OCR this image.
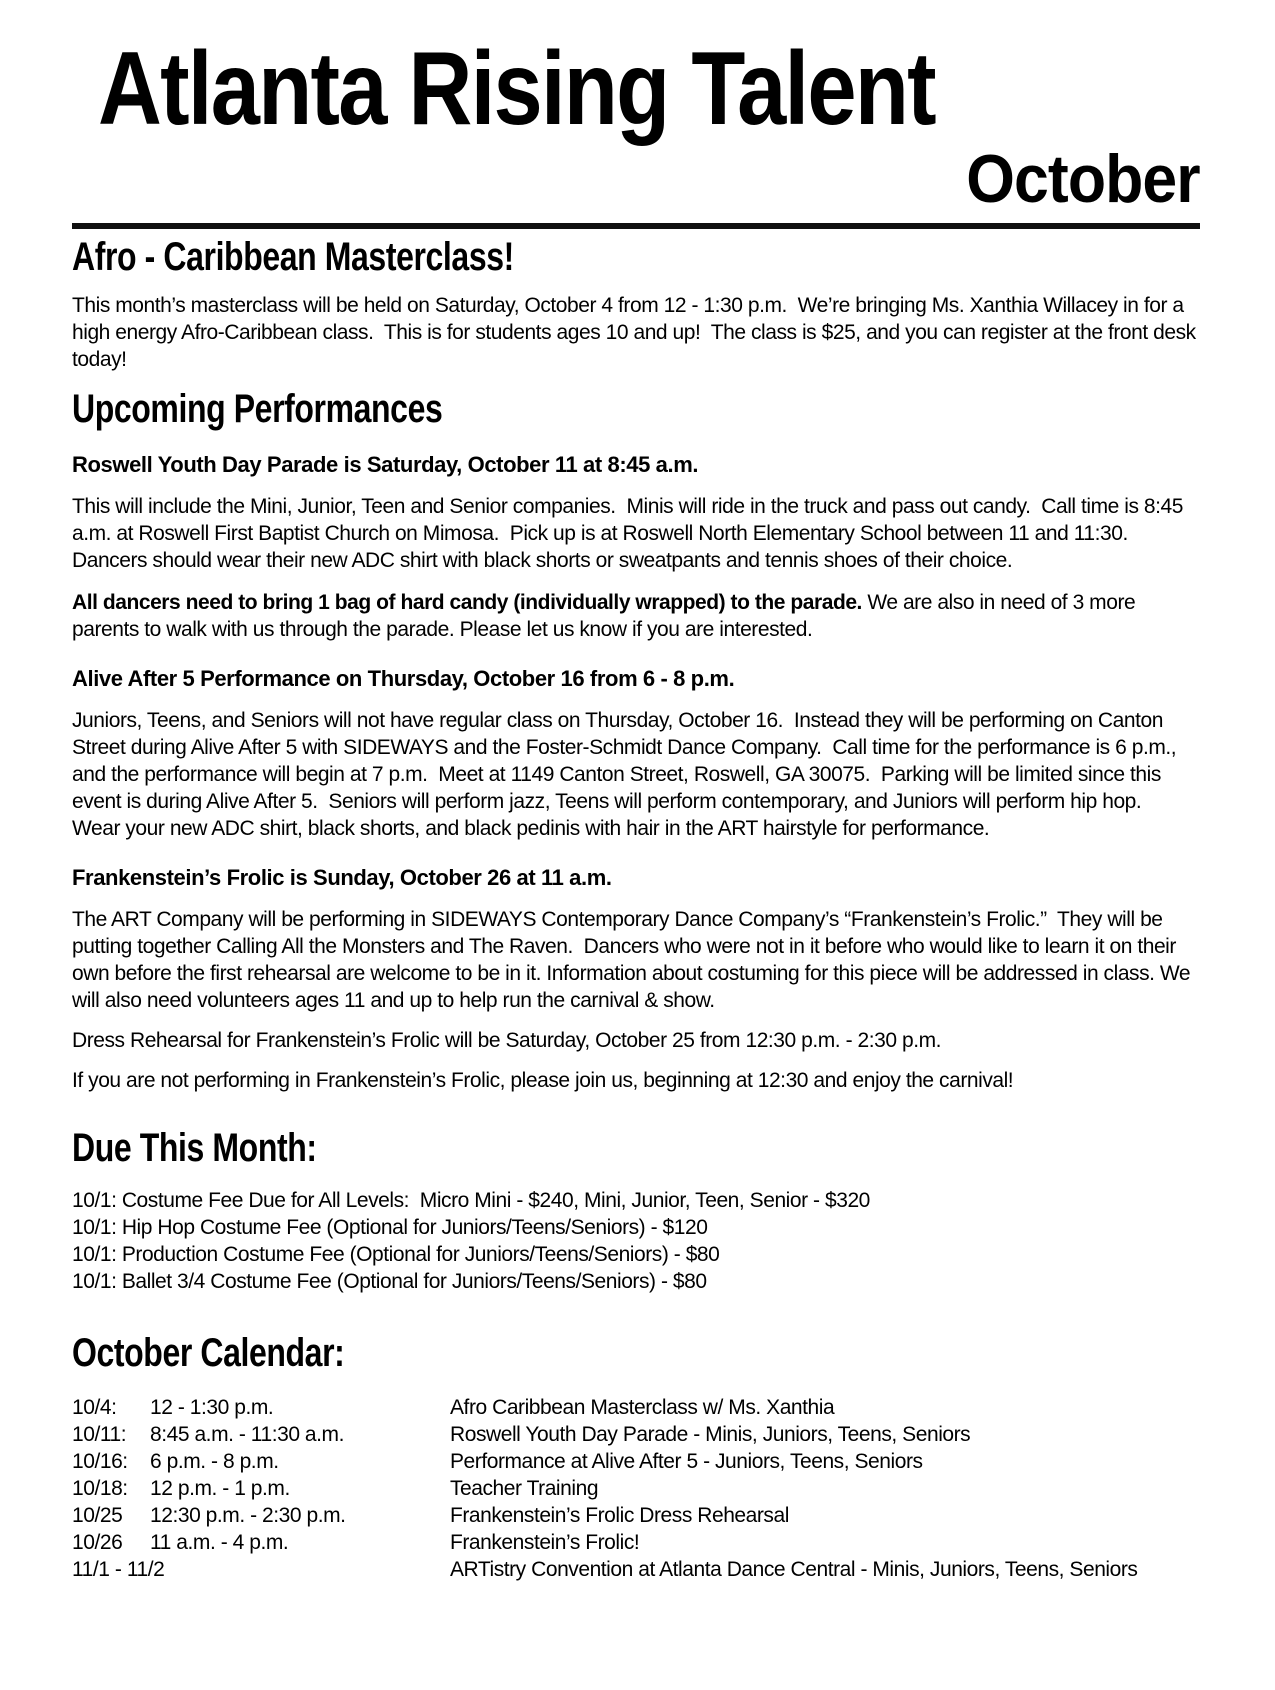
Atlanta Rising Talent
October
Afro - Caribbean Masterclass!

This month’s masterclass will be held on Saturday, October 4 from 12 - 1:30 p.m.  We’re bringing Ms. Xanthia Willacey in for a high energy Afro-Caribbean class.  This is for students ages 10 and up!  The class is $25, and you can register at the front desk today!

Upcoming Performances
Roswell Youth Day Parade is Saturday, October 11 at 8:45 a.m.

This will include the Mini, Junior, Teen and Senior companies.  Minis will ride in the truck and pass out candy.  Call time is 8:45 a.m. at Roswell First Baptist Church on Mimosa.  Pick up is at Roswell North Elementary School between 11 and 11:30.  Dancers should wear their new ADC shirt with black shorts or sweatpants and tennis shoes of their choice.

All dancers need to bring 1 bag of hard candy (individually wrapped) to the parade. We are also in need of 3 more parents to walk with us through the parade. Please let us know if you are interested.

Alive After 5 Performance on Thursday, October 16 from 6 - 8 p.m.

Juniors, Teens, and Seniors will not have regular class on Thursday, October 16.  Instead they will be performing on Canton Street during Alive After 5 with SIDEWAYS and the Foster-Schmidt Dance Company.  Call time for the performance is 6 p.m., and the performance will begin at 7 p.m.  Meet at 1149 Canton Street, Roswell, GA 30075.  Parking will be limited since this event is during Alive After 5.  Seniors will perform jazz, Teens will perform contemporary, and Juniors will perform hip hop.  Wear your new ADC shirt, black shorts, and black pedinis with hair in the ART hairstyle for performance.

Frankenstein’s Frolic is Sunday, October 26 at 11 a.m.

The ART Company will be performing in SIDEWAYS Contemporary Dance Company’s “Frankenstein’s Frolic.”  They will be putting together Calling All the Monsters and The Raven.  Dancers who were not in it before who would like to learn it on their own before the first rehearsal are welcome to be in it. Information about costuming for this piece will be addressed in class. We will also need volunteers ages 11 and up to help run the carnival & show.

Dress Rehearsal for Frankenstein’s Frolic will be Saturday, October 25 from 12:30 p.m. - 2:30 p.m.

If you are not performing in Frankenstein’s Frolic, please join us, beginning at 12:30 and enjoy the carnival!

Due This Month:
10/1: Costume Fee Due for All Levels:  Micro Mini - $240, Mini, Junior, Teen, Senior - $320
10/1: Hip Hop Costume Fee (Optional for Juniors/Teens/Seniors) - $120
10/1: Production Costume Fee (Optional for Juniors/Teens/Seniors) - $80
10/1: Ballet 3/4 Costume Fee (Optional for Juniors/Teens/Seniors) - $80
October Calendar:
10/4:	12 - 1:30 p.m.	Afro Caribbean Masterclass w/ Ms. Xanthia
10/11:	8:45 a.m. - 11:30 a.m.	Roswell Youth Day Parade - Minis, Juniors, Teens, Seniors
10/16:	6 p.m. - 8 p.m.	Performance at Alive After 5 - Juniors, Teens, Seniors
10/18:	12 p.m. - 1 p.m.	Teacher Training
10/25	12:30 p.m. - 2:30 p.m.	Frankenstein’s Frolic Dress Rehearsal
10/26	11 a.m. - 4 p.m.	Frankenstein’s Frolic!
11/1 - 11/2	ARTistry Convention at Atlanta Dance Central - Minis, Juniors, Teens, Seniors
